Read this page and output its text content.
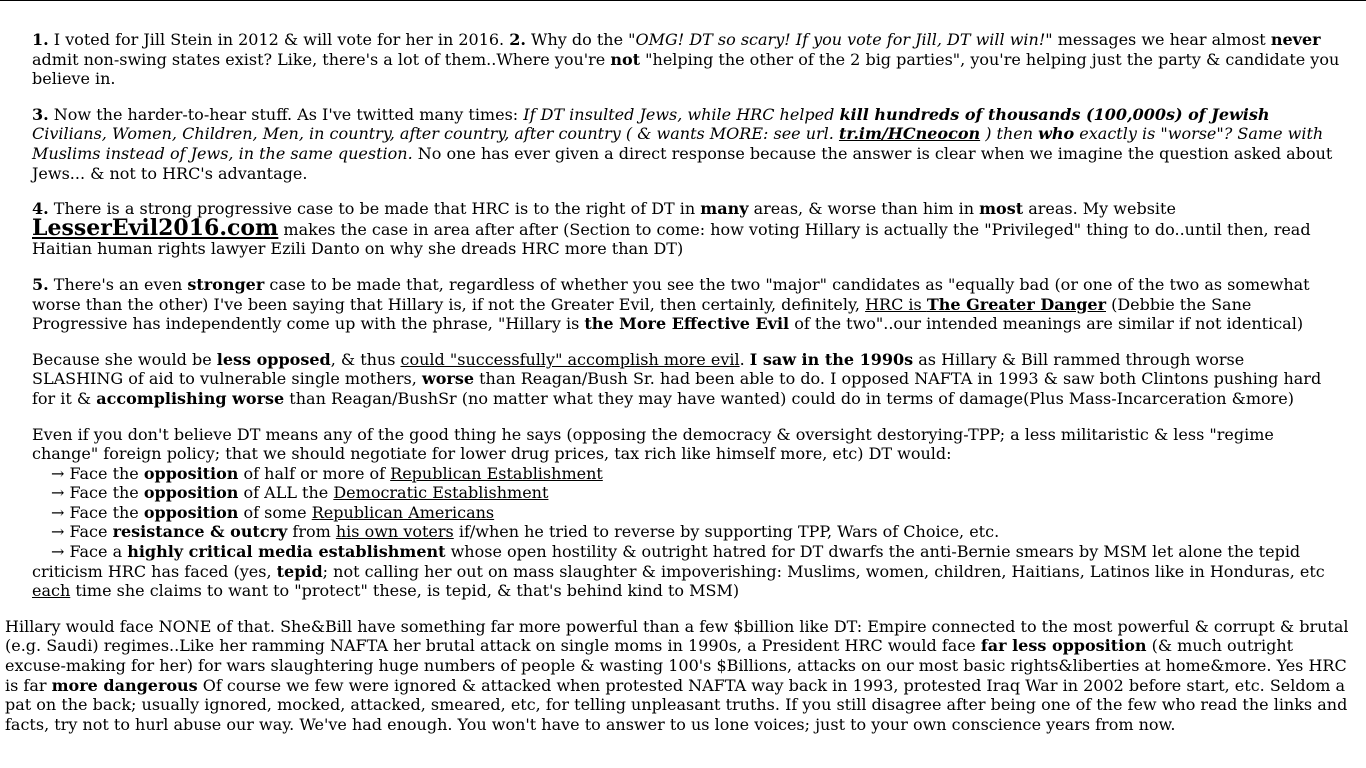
1. I voted for Jill Stein in 2012 & will vote for her in 2016. 2. Why do the "OMG! DT so scary! If you vote for Jill, DT will win!" messages we hear almost never admit non-swing states exist? Like, there's a lot of them..Where you're not "helping the other of the 2 big parties", you're helping just the party & candidate you believe in.
3. Now the harder-to-hear stuff. As I've twitted many times: If DT insulted Jews, while HRC helped kill hundreds of thousands (100,000s) of Jewish Civilians, Women, Children, Men, in country, after country, after country ( & wants MORE: see url. tr.im/HCneocon ) then who exactly is "worse"? Same with Muslims instead of Jews, in the same question. No one has ever given a direct response because the answer is clear when we imagine the question asked about Jews... & not to HRC's advantage.
4. There is a strong progressive case to be made that HRC is to the right of DT in many areas, & worse than him in most areas. My website LesserEvil2016.com makes the case in area after after (Section to come: how voting Hillary is actually the "Privileged" thing to do..until then, read Haitian human rights lawyer Ezili Danto on why she dreads HRC more than DT)
5. There's an even stronger case to be made that, regardless of whether you see the two "major" candidates as "equally bad (or one of the two as somewhat worse than the other) I've been saying that Hillary is, if not the Greater Evil, then certainly, definitely, HRC is The Greater Danger (Debbie the Sane Progressive has independently come up with the phrase, "Hillary is the More Effective Evil of the two"..our intended meanings are similar if not identical)
Because she would be less opposed, & thus could "successfully" accomplish more evil. I saw in the 1990s as Hillary & Bill rammed through worse SLASHING of aid to vulnerable single mothers, worse than Reagan/Bush Sr. had been able to do. I opposed NAFTA in 1993 & saw both Clintons pushing hard for it & accomplishing worse than Reagan/BushSr (no matter what they may have wanted) could do in terms of damage(Plus Mass-Incarceration &more)
Even if you don't believe DT means any of the good thing he says (opposing the democracy & oversight destorying-TPP; a less militaristic & less "regime change" foreign policy; that we should negotiate for lower drug prices, tax rich like himself more, etc) DT would:
→ Face the opposition of half or more of Republican Establishment
→ Face the opposition of ALL the Democratic Establishment
→ Face the opposition of some Republican Americans
→ Face resistance & outcry from his own voters if/when he tried to reverse by supporting TPP, Wars of Choice, etc.
→ Face a highly critical media establishment whose open hostility & outright hatred for DT dwarfs the anti-Bernie smears by MSM let alone the tepid criticism HRC has faced (yes, tepid; not calling her out on mass slaughter & impoverishing: Muslims, women, children, Haitians, Latinos like in Honduras, etc each time she claims to want to "protect" these, is tepid, & that's behind kind to MSM)
Hillary would face NONE of that. She&Bill have something far more powerful than a few $billion like DT: Empire connected to the most powerful & corrupt & brutal (e.g. Saudi) regimes..Like her ramming NAFTA her brutal attack on single moms in 1990s, a President HRC would face far less opposition (& much outright excuse-making for her) for wars slaughtering huge numbers of people & wasting 100's $Billions, attacks on our most basic rights&liberties at home&more. Yes HRC is far more dangerous Of course we few were ignored & attacked when protested NAFTA way back in 1993, protested Iraq War in 2002 before start, etc. Seldom a pat on the back; usually ignored, mocked, attacked, smeared, etc, for telling unpleasant truths. If you still disagree after being one of the few who read the links and facts, try not to hurl abuse our way. We've had enough. You won't have to answer to us lone voices; just to your own conscience years from now.
